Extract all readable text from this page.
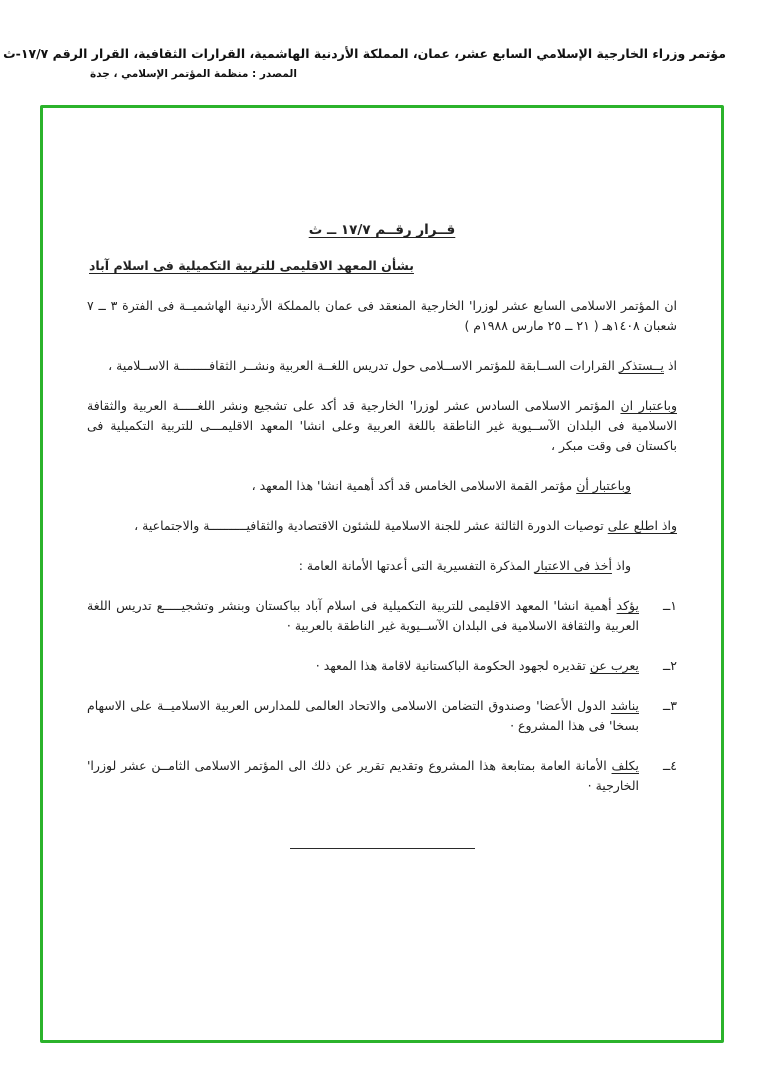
مؤتمر وزراء الخارجية الإسلامي السابع عشر، عمان، المملكة الأردنية الهاشمية، القرارات الثقافية، القرار الرقم ١٧/٧-ث
المصدر : منظمة المؤتمر الإسلامي ، جدة
قــرار رقــم ١٧/٧ ــ ث
بشأن المعهد الاقليمى للتربية التكميلية فى اسلام آباد

ان المؤتمر الاسلامى السابع عشر لوزرا' الخارجية المنعقد فى عمان بالمملكة الأردنية الهاشميــة فى الفترة ٣ ــ ٧ شعبان ١٤٠٨هـ ( ٢١ ــ ٢٥ مارس ١٩٨٨م )

اذ يــستذكر القرارات الســابقة للمؤتمر الاســلامى حول تدريس اللغــة العربية ونشــر الثقافــــــــة الاســلامية ،

وباعتبار ان المؤتمر الاسلامى السادس عشر لوزرا' الخارجية قد أكد على تشجيع ونشر اللغـــــة العربية والثقافة الاسلامية فى البلدان الآســيوية غير الناطقة باللغة العربية وعلى انشا' المعهد الاقليمـــى للتربية التكميلية فى باكستان فى وقت مبكر ،

وباعتبار أن مؤتمر القمة الاسلامى الخامس قد أكد أهمية انشا' هذا المعهد ،

واذ اطلع على توصيات الدورة الثالثة عشر للجنة الاسلامية للشئون الاقتصادية والثقافيــــــــــة والاجتماعية ،

واذ أخذ فى الاعتبار المذكرة التفسيرية التى أعدتها الأمانة العامة :

١ــ
يؤكد أهمية انشا' المعهد الاقليمى للتربية التكميلية فى اسلام آباد بباكستان وبنشر وتشجيـــــع تدريس اللغة العربية والثقافة الاسلامية فى البلدان الآســيوية غير الناطقة بالعربية ·
٢ــ
يعرب عن تقديره لجهود الحكومة الباكستانية لاقامة هذا المعهد ·
٣ــ
يناشد الدول الأعضا' وصندوق التضامن الاسلامى والاتحاد العالمى للمدارس العربية الاسلاميــة على الاسهام بسخا' فى هذا المشروع ·
٤ــ
يكلف الأمانة العامة بمتابعة هذا المشروع وتقديم تقرير عن ذلك الى المؤتمر الاسلامى الثامــن عشر لوزرا' الخارجية ·
